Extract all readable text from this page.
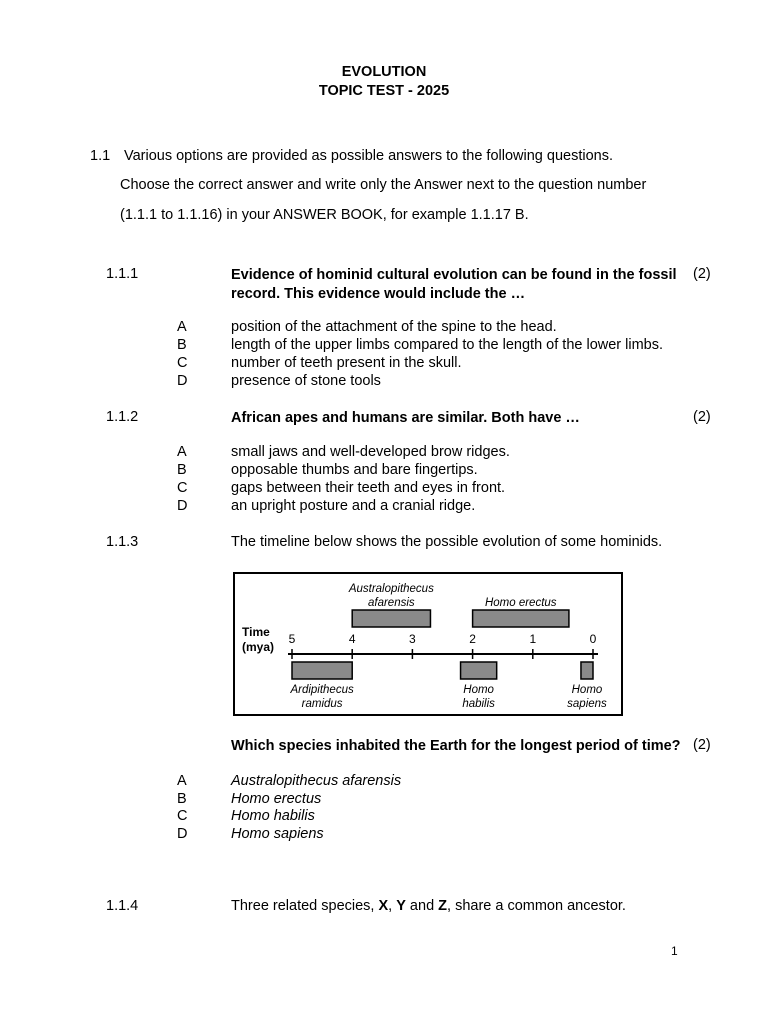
EVOLUTION
TOPIC TEST - 2025
1.1 Various options are provided as possible answers to the following questions.
Choose the correct answer and write only the Answer next to the question number
(1.1.1 to 1.1.16) in your ANSWER BOOK, for example 1.1.17 B.
1.1.1	Evidence of hominid cultural evolution can be found in the fossil record. This evidence would include the …
(2)
A	position of the attachment of the spine to the head.
B	length of the upper limbs compared to the length of the lower limbs.
C	number of teeth present in the skull.
D	presence of stone tools
1.1.2	African apes and humans are similar. Both have …	(2)
A	small jaws and well-developed brow ridges.
B	opposable thumbs and bare fingertips.
C	gaps between their teeth and eyes in front.
D	an upright posture and a cranial ridge.
1.1.3	The timeline below shows the possible evolution of some hominids.
Time
(mya)
5	4	3	2	1	0
Australopithecus
afarensis	Homo erectus
Ardipithecus
ramidus
Homo
habilis
Homo
sapiens
Which species inhabited the Earth for the longest period of time? (2)
A	Australopithecus afarensis
B	Homo erectus
C	Homo habilis
D	Homo sapiens
1.1.4	Three related species, X, Y and Z, share a common ancestor.
1
